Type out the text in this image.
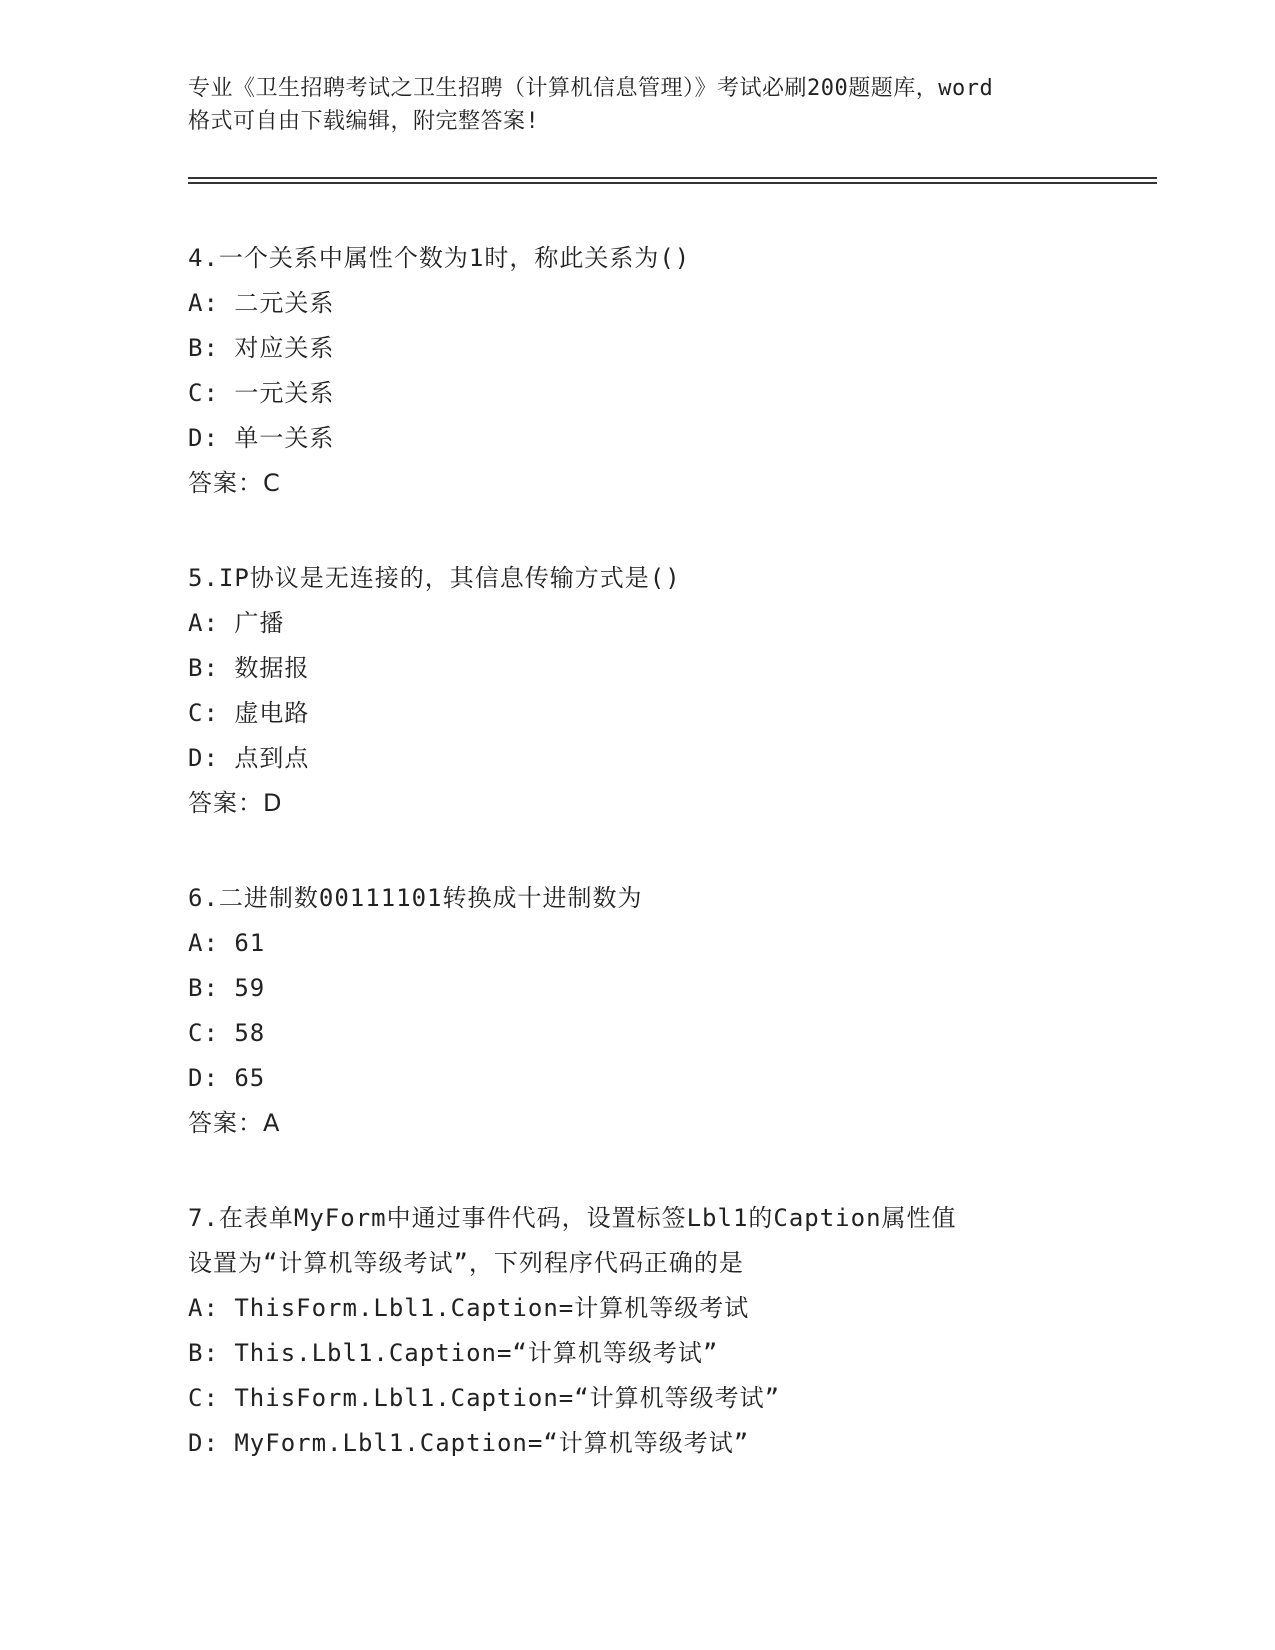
专业《卫生招聘考试之卫生招聘（计算机信息管理）》考试必刷200题题库，word
格式可自由下载编辑，附完整答案!
4.一个关系中属性个数为1时，称此关系为()
A: 二元关系
B: 对应关系
C: 一元关系
D: 单一关系
答案：C
5.IP协议是无连接的，其信息传输方式是()
A: 广播
B: 数据报
C: 虚电路
D: 点到点
答案：D
6.二进制数00111101转换成十进制数为
A: 61
B: 59
C: 58
D: 65
答案：A
7.在表单MyForm中通过事件代码，设置标签Lbl1的Caption属性值
设置为“计算机等级考试”，下列程序代码正确的是
A: ThisForm.Lbl1.Caption=计算机等级考试
B: This.Lbl1.Caption=“计算机等级考试”
C: ThisForm.Lbl1.Caption=“计算机等级考试”
D: MyForm.Lbl1.Caption=“计算机等级考试”
